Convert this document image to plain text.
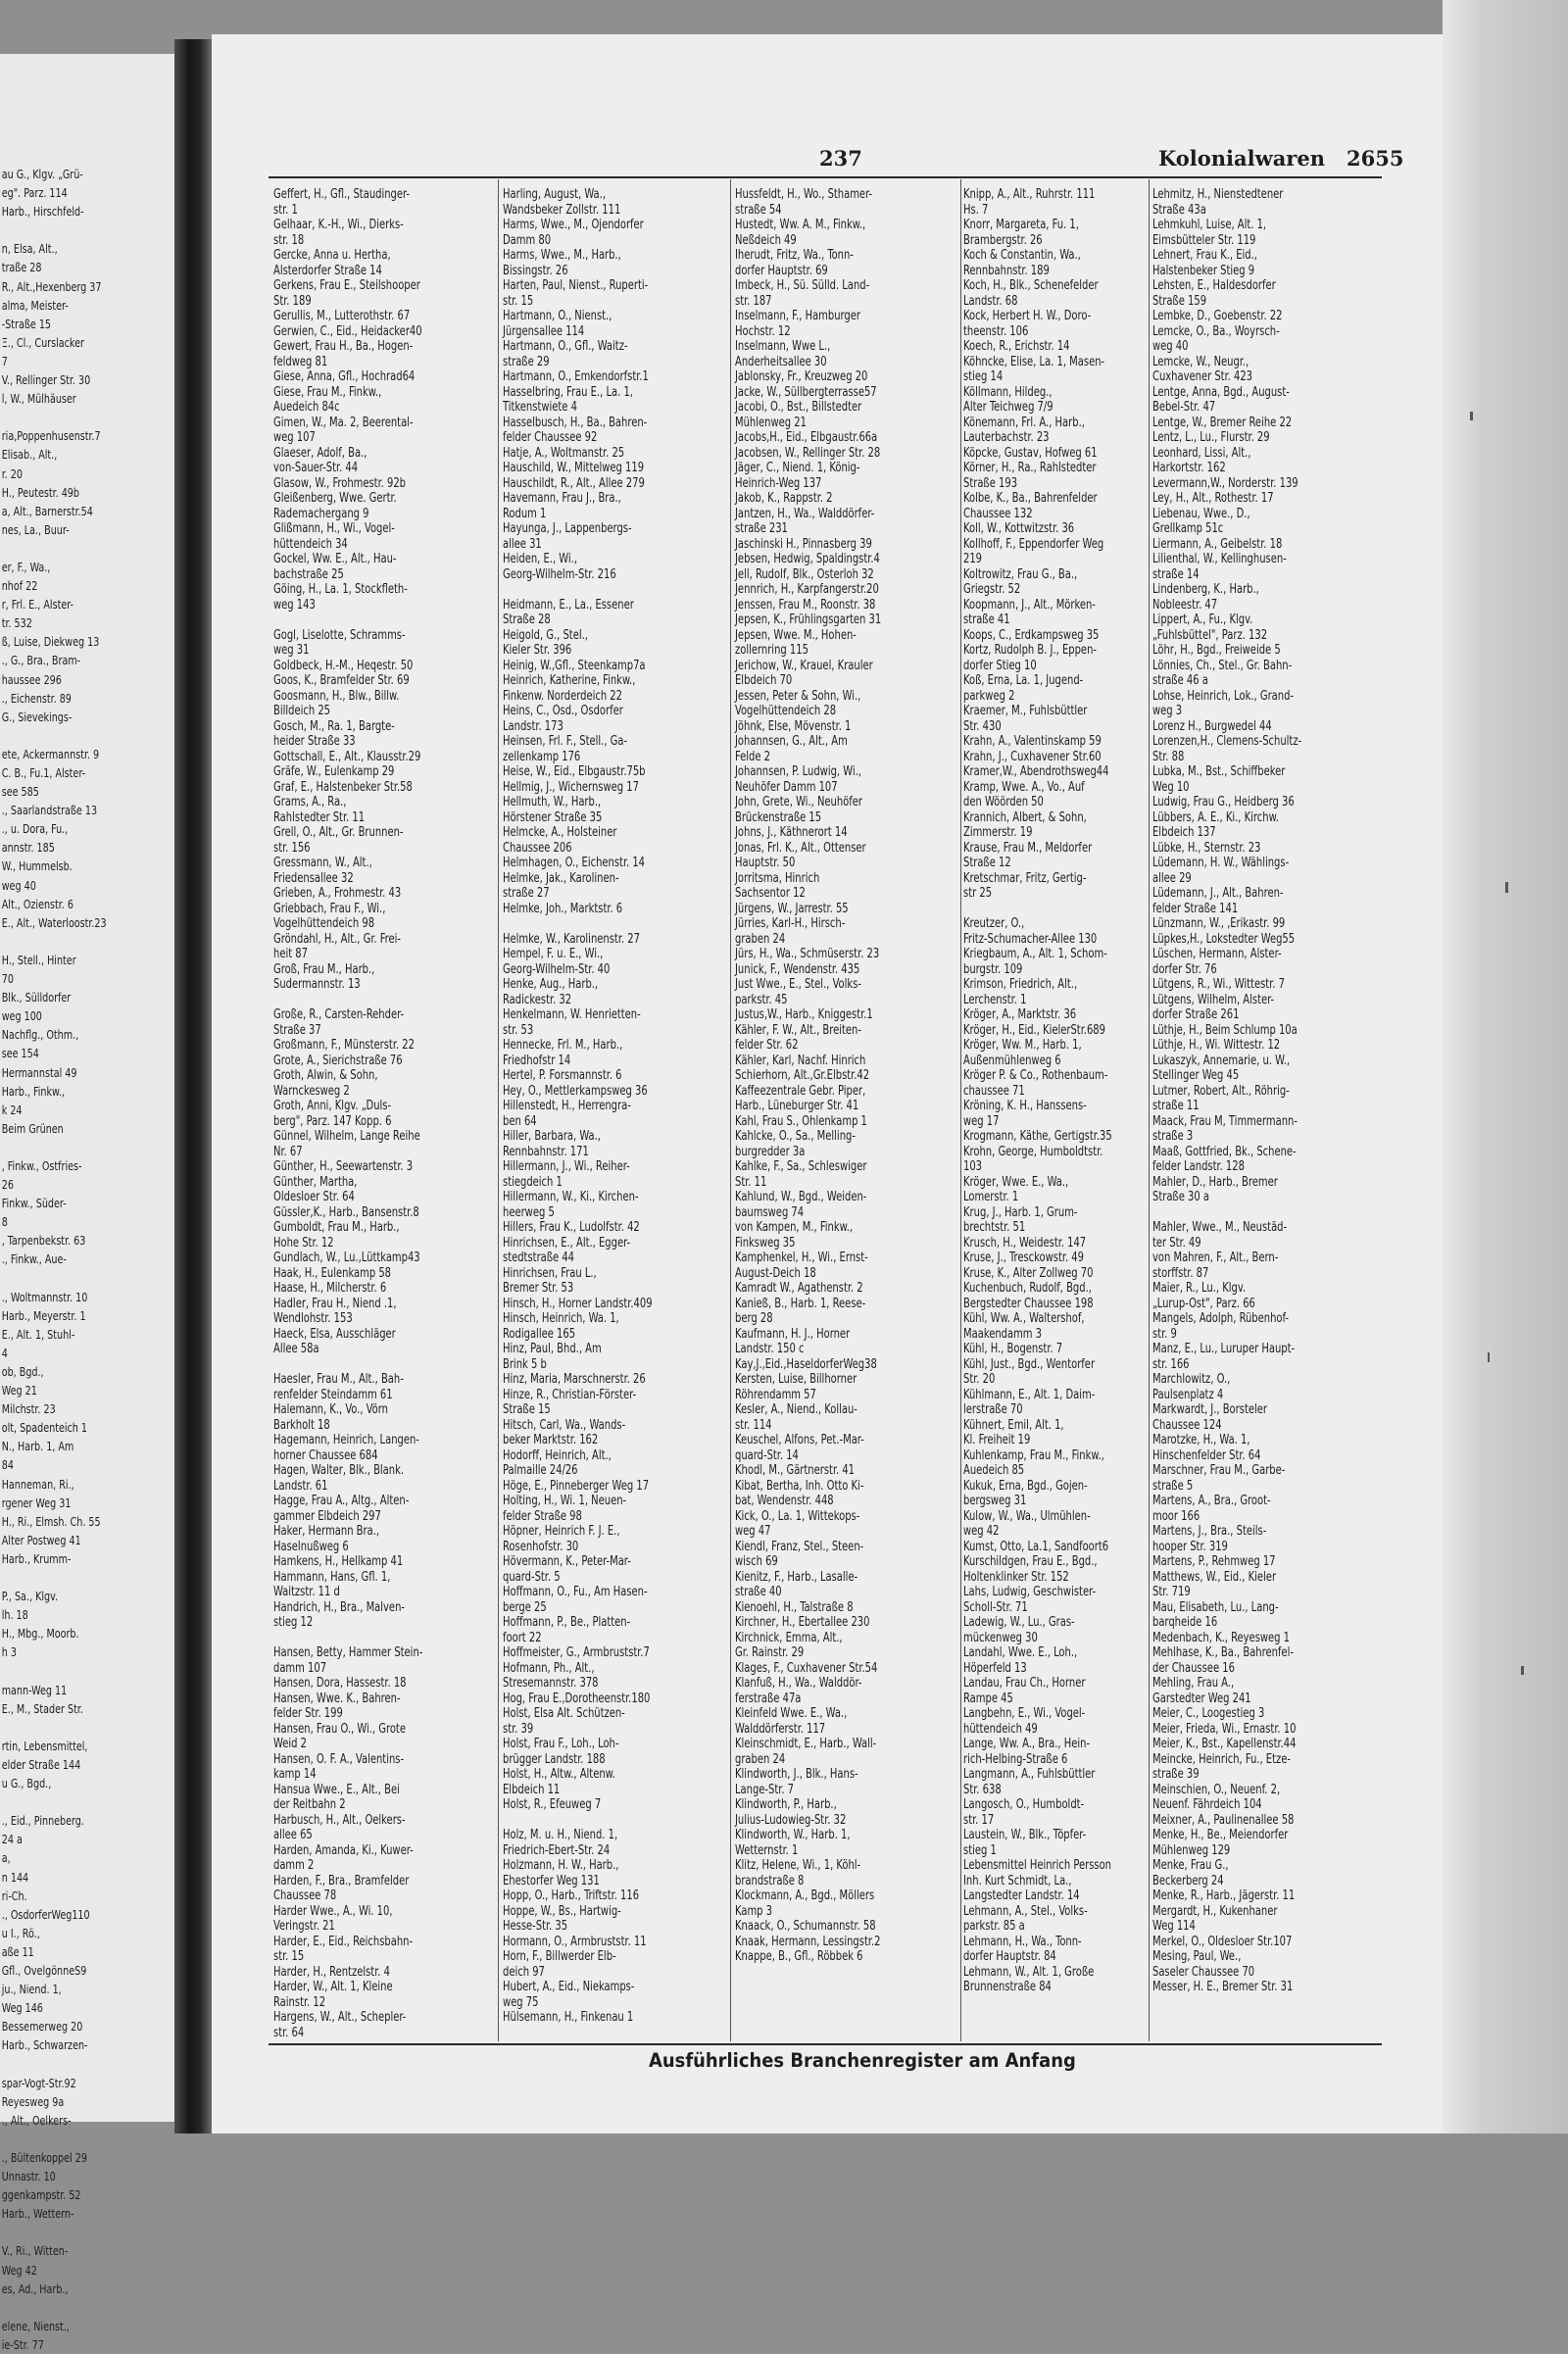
au G., Klgv. „Grü-
eg". Parz. 114
Harb., Hirschfeld-

n, Elsa, Alt.,
traße 28
R., Alt.,Hexenberg 37
alma, Meister-
-Straße 15
Ξ., Cl., Curslacker
7
V., Rellinger Str. 30
l, W., Mülhäuser

ria,Poppenhusenstr.7
Elisab., Alt.,
r. 20
H., Peutestr. 49b
a, Alt., Barnerstr.54
nes, La., Buur-

er, F., Wa.,
nhof 22
r, Frl. E., Alster-
tr. 532
ß, Luise, Diekweg 13
., G., Bra., Bram-
haussee 296
., Eichenstr. 89
G., Sievekings-

ete, Ackermannstr. 9
C. B., Fu.1, Alster-
see 585
., Saarlandstraße 13
., u. Dora, Fu.,
annstr. 185
W., Hummelsb.
weg 40
Alt., Ozienstr. 6
E., Alt., Waterloostr.23

H., Stell., Hinter
70
Blk., Sülldorfer
weg 100
Nachflg., Othm.,
see 154
Hermannstal 49
Harb., Finkw.,
k 24
Beim Grünen

, Finkw., Ostfries-
26
Finkw., Süder-
8
, Tarpenbekstr. 63
., Finkw., Aue-

., Woltmannstr. 10
Harb., Meyerstr. 1
E., Alt. 1, Stuhl-
4
ob, Bgd.,
Weg 21
Milchstr. 23
olt, Spadenteich 1
N., Harb. 1, Am
84
Hanneman, Ri.,
rgener Weg 31
H., Ri., Elmsh. Ch. 55
Alter Postweg 41
Harb., Krumm-

P., Sa., Klgv.
lh. 18
H., Mbg., Moorb.
h 3

mann-Weg 11
E., M., Stader Str.

rtin, Lebensmittel,
elder Straße 144
u G., Bgd.,

., Eid., Pinneberg.
24 a
a,
n 144
ri-Ch.
., OsdorferWeg110
u I., Rö.,
aße 11
Gfl., OvelgönneS9
ju., Niend. 1,
Weg 146
Bessemerweg 20
Harb., Schwarzen-

spar-Vogt-Str.92
Reyesweg 9a
., Alt., Oelkers-

., Bültenkoppel 29
Unnastr. 10
ggenkampstr. 52
Harb., Wettern-

V., Ri., Witten-
Weg 42
es, Ad., Harb.,

elene, Nienst.,
ie-Str. 77
237	Kolonialwaren 2655
Geffert, H., Gfl., Staudinger-
str. 1
Gelhaar, K.-H., Wi., Dierks-
str. 18
Gercke, Anna u. Hertha,
Alsterdorfer Straße 14
Gerkens, Frau E., Steilshooper
Str. 189
Gerullis, M., Lutterothstr. 67
Gerwien, C., Eid., Heidacker40
Gewert, Frau H., Ba., Hogen-
feldweg 81
Giese, Anna, Gfl., Hochrad64
Giese, Frau M., Finkw.,
Auedeich 84c
Gimen, W., Ma. 2, Beerental-
weg 107
Glaeser, Adolf, Ba.,
von-Sauer-Str. 44
Glasow, W., Frohmestr. 92b
Gleißenberg, Wwe. Gertr.
Rademachergang 9
Glißmann, H., Wi., Vogel-
hüttendeich 34
Gockel, Ww. E., Alt., Hau-
bachstraße 25
Göing, H., La. 1, Stockfleth-
weg 143

Gogl, Liselotte, Schramms-
weg 31
Goldbeck, H.-M., Heqestr. 50
Goos, K., Bramfelder Str. 69
Goosmann, H., Blw., Billw.
Billdeich 25
Gosch, M., Ra. 1, Bargte-
heider Straße 33
Gottschall, E., Alt., Klausstr.29
Gräfe, W., Eulenkamp 29
Graf, E., Halstenbeker Str.58
Grams, A., Ra.,
Rahlstedter Str. 11
Grell, O., Alt., Gr. Brunnen-
str. 156
Gressmann, W., Alt.,
Friedensallee 32
Grieben, A., Frohmestr. 43
Griebbach, Frau F., Wi.,
Vogelhüttendeich 98
Gröndahl, H., Alt., Gr. Frei-
heit 87
Groß, Frau M., Harb.,
Sudermannstr. 13

Große, R., Carsten-Rehder-
Straße 37
Großmann, F., Münsterstr. 22
Grote, A., Sierichstraße 76
Groth, Alwin, & Sohn,
Warnckesweg 2
Groth, Anni, Klgv. „Duls-
berg", Parz. 147 Kopp. 6
Günnel, Wilhelm, Lange Reihe
Nr. 67
Günther, H., Seewartenstr. 3
Günther, Martha,
Oldesloer Str. 64
Güssler,K., Harb., Bansenstr.8
Gumboldt, Frau M., Harb.,
Hohe Str. 12
Gundlach, W., Lu.,Lüttkamp43
Haak, H., Eulenkamp 58
Haase, H., Milcherstr. 6
Hadler, Frau H., Niend .1,
Wendlohstr. 153
Haeck, Elsa, Ausschläger
Allee 58a

Haesler, Frau M., Alt., Bah-
renfelder Steindamm 61
Halemann, K., Vo., Vörn
Barkholt 18
Hagemann, Heinrich, Langen-
horner Chaussee 684
Hagen, Walter, Blk., Blank.
Landstr. 61
Hagge, Frau A., Altg., Alten-
gammer Elbdeich 297
Haker, Hermann Bra.,
Haselnußweg 6
Hamkens, H., Hellkamp 41
Hammann, Hans, Gfl. 1,
Waitzstr. 11 d
Handrich, H., Bra., Malven-
stieg 12

Hansen, Betty, Hammer Stein-
damm 107
Hansen, Dora, Hassestr. 18
Hansen, Wwe. K., Bahren-
felder Str. 199
Hansen, Frau O., Wi., Grote
Weid 2
Hansen, O. F. A., Valentins-
kamp 14
Hansua Wwe., E., Alt., Bei
der Reitbahn 2
Harbusch, H., Alt., Oelkers-
allee 65
Harden, Amanda, Ki., Kuwer-
damm 2
Harden, F., Bra., Bramfelder
Chaussee 78
Harder Wwe., A., Wi. 10,
Veringstr. 21
Harder, E., Eid., Reichsbahn-
str. 15
Harder, H., Rentzelstr. 4
Harder, W., Alt. 1, Kleine
Rainstr. 12
Hargens, W., Alt., Schepler-
str. 64
Harling, August, Wa.,
Wandsbeker Zollstr. 111
Harms, Wwe., M., Ojendorfer
Damm 80
Harms, Wwe., M., Harb.,
Bissingstr. 26
Harten, Paul, Nienst., Ruperti-
str. 15
Hartmann, O., Nienst.,
Jürgensallee 114
Hartmann, O., Gfl., Waitz-
straße 29
Hartmann, O., Emkendorfstr.1
Hasselbring, Frau E., La. 1,
Titkenstwiete 4
Hasselbusch, H., Ba., Bahren-
felder Chaussee 92
Hatje, A., Woltmanstr. 25
Hauschild, W., Mittelweg 119
Hauschildt, R., Alt., Allee 279
Havemann, Frau J., Bra.,
Rodum 1
Hayunga, J., Lappenbergs-
allee 31
Heiden, E., Wi.,
Georg-Wilhelm-Str. 216

Heidmann, E., La., Essener
Straße 28
Heigold, G., Stel.,
Kieler Str. 396
Heinig, W.,Gfl., Steenkamp7a
Heinrich, Katherine, Finkw.,
Finkenw. Norderdeich 22
Heins, C., Osd., Osdorfer
Landstr. 173
Heinsen, Frl. F., Stell., Ga-
zellenkamp 176
Heise, W., Eid., Elbgaustr.75b
Hellmig, J., Wichernsweg 17
Hellmuth, W., Harb.,
Hörstener Straße 35
Helmcke, A., Holsteiner
Chaussee 206
Helmhagen, O., Eichenstr. 14
Helmke, Jak., Karolinen-
straße 27
Helmke, Joh., Marktstr. 6

Helmke, W., Karolinenstr. 27
Hempel, F. u. E., Wi.,
Georg-Wilhelm-Str. 40
Henke, Aug., Harb.,
Radickestr. 32
Henkelmann, W. Henrietten-
str. 53
Hennecke, Frl. M., Harb.,
Friedhofstr 14
Hertel, P. Forsmannstr. 6
Hey, O., Mettlerkampsweg 36
Hillenstedt, H., Herrengra-
ben 64
Hiller, Barbara, Wa.,
Rennbahnstr. 171
Hillermann, J., Wi., Reiher-
stiegdeich 1
Hillermann, W., Ki., Kirchen-
heerweg 5
Hillers, Frau K., Ludolfstr. 42
Hinrichsen, E., Alt., Egger-
stedtstraße 44
Hinrichsen, Frau L.,
Bremer Str. 53
Hinsch, H., Horner Landstr.409
Hinsch, Heinrich, Wa. 1,
Rodigallee 165
Hinz, Paul, Bhd., Am
Brink 5 b
Hinz, Maria, Marschnerstr. 26
Hinze, R., Christian-Förster-
Straße 15
Hitsch, Carl, Wa., Wands-
beker Marktstr. 162
Hodorff, Heinrich, Alt.,
Palmaille 24/26
Höge, E., Pinneberger Weg 17
Holting, H., Wi. 1, Neuen-
felder Straße 98
Höpner, Heinrich F. J. E.,
Rosenhofstr. 30
Hövermann, K., Peter-Mar-
quard-Str. 5
Hoffmann, O., Fu., Am Hasen-
berge 25
Hoffmann, P., Be., Platten-
foort 22
Hoffmeister, G., Armbruststr.7
Hofmann, Ph., Alt.,
Stresemannstr. 378
Hog, Frau E.,Dorotheenstr.180
Holst, Elsa Alt. Schützen-
str. 39
Holst, Frau F., Loh., Loh-
brügger Landstr. 188
Holst, H., Altw., Altenw.
Elbdeich 11
Holst, R., Efeuweg 7

Holz, M. u. H., Niend. 1,
Friedrich-Ebert-Str. 24
Holzmann, H. W., Harb.,
Ehestorfer Weg 131
Hopp, O., Harb., Triftstr. 116
Hoppe, W., Bs., Hartwig-
Hesse-Str. 35
Hormann, O., Armbruststr. 11
Horn, F., Billwerder Elb-
deich 97
Hubert, A., Eid., Niekamps-
weg 75
Hülsemann, H., Finkenau 1
Hussfeldt, H., Wo., Sthamer-
straße 54
Hustedt, Ww. A. M., Finkw.,
Neßdeich 49
Iherudt, Fritz, Wa., Tonn-
dorfer Hauptstr. 69
Imbeck, H., Sü. Sülld. Land-
str. 187
Inselmann, F., Hamburger
Hochstr. 12
Inselmann, Wwe L.,
Anderheitsallee 30
Jablonsky, Fr., Kreuzweg 20
Jacke, W., Süllbergterrasse57
Jacobi, O., Bst., Billstedter
Mühlenweg 21
Jacobs,H., Eid., Elbgaustr.66a
Jacobsen, W., Rellinger Str. 28
Jäger, C., Niend. 1, König-
Heinrich-Weg 137
Jakob, K., Rappstr. 2
Jantzen, H., Wa., Walddörfer-
straße 231
Jaschinski H., Pinnasberg 39
Jebsen, Hedwig, Spaldingstr.4
Jell, Rudolf, Blk., Osterloh 32
Jennrich, H., Karpfangerstr.20
Jenssen, Frau M., Roonstr. 38
Jepsen, K., Frühlingsgarten 31
Jepsen, Wwe. M., Hohen-
zollernring 115
Jerichow, W., Krauel, Krauler
Elbdeich 70
Jessen, Peter & Sohn, Wi.,
Vogelhüttendeich 28
Jöhnk, Else, Mövenstr. 1
Johannsen, G., Alt., Am
Felde 2
Johannsen, P. Ludwig, Wi.,
Neuhöfer Damm 107
John, Grete, Wi., Neuhöfer
Brückenstraße 15
Johns, J., Käthnerort 14
Jonas, Frl. K., Alt., Ottenser
Hauptstr. 50
Jorritsma, Hinrich
Sachsentor 12
Jürgens, W., Jarrestr. 55
Jürries, Karl-H., Hirsch-
graben 24
Jürs, H., Wa., Schmüserstr. 23
Junick, F., Wendenstr. 435
Just Wwe., E., Stel., Volks-
parkstr. 45
Justus,W., Harb., Kniggestr.1
Kähler, F. W., Alt., Breiten-
felder Str. 62
Kähler, Karl, Nachf. Hinrich
Schierhorn, Alt.,Gr.Elbstr.42
Kaffeezentrale Gebr. Piper,
Harb., Lüneburger Str. 41
Kahl, Frau S., Ohlenkamp 1
Kahlcke, O., Sa., Melling-
burgredder 3a
Kahlke, F., Sa., Schleswiger
Str. 11
Kahlund, W., Bgd., Weiden-
baumsweg 74
von Kampen, M., Finkw.,
Finksweg 35
Kamphenkel, H., Wi., Ernst-
August-Deich 18
Kamradt W., Agathenstr. 2
Kanieß, B., Harb. 1, Reese-
berg 28
Kaufmann, H. J., Horner
Landstr. 150 c
Kay,J.,Eid.,HaseldorferWeg38
Kersten, Luise, Billhorner
Röhrendamm 57
Kesler, A., Niend., Kollau-
str. 114
Keuschel, Alfons, Pet.-Mar-
quard-Str. 14
Khodl, M., Gärtnerstr. 41
Kibat, Bertha, Inh. Otto Ki-
bat, Wendenstr. 448
Kick, O., La. 1, Wittekops-
weg 47
Kiendl, Franz, Stel., Steen-
wisch 69
Kienitz, F., Harb., Lasalle-
straße 40
Kienoehl, H., Talstraße 8
Kirchner, H., Ebertallee 230
Kirchnick, Emma, Alt.,
Gr. Rainstr. 29
Klages, F., Cuxhavener Str.54
Klanfuß, H., Wa., Walddör-
ferstraße 47a
Kleinfeld Wwe. E., Wa.,
Walddörferstr. 117
Kleinschmidt, E., Harb., Wall-
graben 24
Klindworth, J., Blk., Hans-
Lange-Str. 7
Klindworth, P., Harb.,
Julius-Ludowieg-Str. 32
Klindworth, W., Harb. 1,
Wetternstr. 1
Klitz, Helene, Wi., 1, Köhl-
brandstraße 8
Klockmann, A., Bgd., Möllers
Kamp 3
Knaack, O., Schumannstr. 58
Knaak, Hermann, Lessingstr.2
Knappe, B., Gfl., Röbbek 6
Knipp, A., Alt., Ruhrstr. 111
Hs. 7
Knorr, Margareta, Fu. 1,
Brambergstr. 26
Koch & Constantin, Wa.,
Rennbahnstr. 189
Koch, H., Blk., Schenefelder
Landstr. 68
Kock, Herbert H. W., Doro-
theenstr. 106
Koech, R., Erichstr. 14
Köhncke, Elise, La. 1, Masen-
stieg 14
Köllmann, Hildeg.,
Alter Teichweg 7/9
Könemann, Frl. A., Harb.,
Lauterbachstr. 23
Köpcke, Gustav, Hofweg 61
Körner, H., Ra., Rahlstedter
Straße 193
Kolbe, K., Ba., Bahrenfelder
Chaussee 132
Koll, W., Kottwitzstr. 36
Kollhoff, F., Eppendorfer Weg
219
Koltrowitz, Frau G., Ba.,
Griegstr. 52
Koopmann, J., Alt., Mörken-
straße 41
Koops, C., Erdkampsweg 35
Kortz, Rudolph B. J., Eppen-
dorfer Stieg 10
Koß, Erna, La. 1, Jugend-
parkweg 2
Kraemer, M., Fuhlsbüttler
Str. 430
Krahn, A., Valentinskamp 59
Krahn, J., Cuxhavener Str.60
Kramer,W., Abendrothsweg44
Kramp, Wwe. A., Vo., Auf
den Wöörden 50
Krannich, Albert, & Sohn,
Zimmerstr. 19
Krause, Frau M., Meldorfer
Straße 12
Kretschmar, Fritz, Gertig-
str 25

Kreutzer, O.,
Fritz-Schumacher-Allee 130
Kriegbaum, A., Alt. 1, Schom-
burgstr. 109
Krimson, Friedrich, Alt.,
Lerchenstr. 1
Kröger, A., Marktstr. 36
Kröger, H., Eid., KielerStr.689
Kröger, Ww. M., Harb. 1,
Außenmühlenweg 6
Kröger P. & Co., Rothenbaum-
chaussee 71
Kröning, K. H., Hanssens-
weg 17
Krogmann, Käthe, Gertigstr.35
Krohn, George, Humboldtstr.
103
Kröger, Wwe. E., Wa.,
Lomerstr. 1
Krug, J., Harb. 1, Grum-
brechtstr. 51
Krusch, H., Weidestr. 147
Kruse, J., Tresckowstr. 49
Kruse, K., Alter Zollweg 70
Kuchenbuch, Rudolf, Bgd.,
Bergstedter Chaussee 198
Kühl, Ww. A., Waltershof,
Maakendamm 3
Kühl, H., Bogenstr. 7
Kühl, Just., Bgd., Wentorfer
Str. 20
Kühlmann, E., Alt. 1, Daim-
lerstraße 70
Kühnert, Emil, Alt. 1,
Kl. Freiheit 19
Kuhlenkamp, Frau M., Finkw.,
Auedeich 85
Kukuk, Erna, Bgd., Gojen-
bergsweg 31
Kulow, W., Wa., Ulmühlen-
weg 42
Kumst, Otto, La.1, Sandfoort6
Kurschildgen, Frau E., Bgd.,
Holtenklinker Str. 152
Lahs, Ludwig, Geschwister-
Scholl-Str. 71
Ladewig, W., Lu., Gras-
mückenweg 30
Landahl, Wwe. E., Loh.,
Höperfeld 13
Landau, Frau Ch., Horner
Rampe 45
Langbehn, E., Wi., Vogel-
hüttendeich 49
Lange, Ww. A., Bra., Hein-
rich-Helbing-Straße 6
Langmann, A., Fuhlsbüttler
Str. 638
Langosch, O., Humboldt-
str. 17
Laustein, W., Blk., Töpfer-
stieg 1
Lebensmittel Heinrich Persson
Inh. Kurt Schmidt, La.,
Langstedter Landstr. 14
Lehmann, A., Stel., Volks-
parkstr. 85 a
Lehmann, H., Wa., Tonn-
dorfer Hauptstr. 84
Lehmann, W., Alt. 1, Große
Brunnenstraße 84
Lehmitz, H., Nienstedtener
Straße 43a
Lehmkuhl, Luise, Alt. 1,
Eimsbütteler Str. 119
Lehnert, Frau K., Eid.,
Halstenbeker Stieg 9
Lehsten, E., Haldesdorfer
Straße 159
Lembke, D., Goebenstr. 22
Lemcke, O., Ba., Woyrsch-
weg 40
Lemcke, W., Neugr.,
Cuxhavener Str. 423
Lentge, Anna, Bgd., August-
Bebel-Str. 47
Lentge, W., Bremer Reihe 22
Lentz, L., Lu., Flurstr. 29
Leonhard, Lissi, Alt.,
Harkortstr. 162
Levermann,W., Norderstr. 139
Ley, H., Alt., Rothestr. 17
Liebenau, Wwe., D.,
Grellkamp 51c
Liermann, A., Geibelstr. 18
Lilienthal, W., Kellinghusen-
straße 14
Lindenberg, K., Harb.,
Nobleestr. 47
Lippert, A., Fu., Klgv.
„Fuhlsbüttel", Parz. 132
Löhr, H., Bgd., Freiweide 5
Lönnies, Ch., Stel., Gr. Bahn-
straße 46 a
Lohse, Heinrich, Lok., Grand-
weg 3
Lorenz H., Burgwedel 44
Lorenzen,H., Clemens-Schultz-
Str. 88
Lubka, M., Bst., Schiffbeker
Weg 10
Ludwig, Frau G., Heidberg 36
Lübbers, A. E., Ki., Kirchw.
Elbdeich 137
Lübke, H., Sternstr. 23
Lüdemann, H. W., Wählings-
allee 29
Lüdemann, J., Alt., Bahren-
felder Straße 141
Lünzmann, W., ,Erikastr. 99
Lüpkes,H., Lokstedter Weg55
Lüschen, Hermann, Alster-
dorfer Str. 76
Lütgens, R., Wi., Wittestr. 7
Lütgens, Wilhelm, Alster-
dorfer Straße 261
Lüthje, H., Beim Schlump 10a
Lüthje, H., Wi. Wittestr. 12
Lukaszyk, Annemarie, u. W.,
Stellinger Weg 45
Lutmer, Robert, Alt., Röhrig-
straße 11
Maack, Frau M, Timmermann-
straße 3
Maaß, Gottfried, Bk., Schene-
felder Landstr. 128
Mahler, D., Harb., Bremer
Straße 30 a

Mahler, Wwe., M., Neustäd-
ter Str. 49
von Mahren, F., Alt., Bern-
storffstr. 87
Maier, R., Lu., Klgv.
„Lurup-Ost", Parz. 66
Mangels, Adolph, Rübenhof-
str. 9
Manz, E., Lu., Luruper Haupt-
str. 166
Marchlowitz, O.,
Paulsenplatz 4
Markwardt, J., Borsteler
Chaussee 124
Marotzke, H., Wa. 1,
Hinschenfelder Str. 64
Marschner, Frau M., Garbe-
straße 5
Martens, A., Bra., Groot-
moor 166
Martens, J., Bra., Steils-
hooper Str. 319
Martens, P., Rehmweg 17
Matthews, W., Eid., Kieler
Str. 719
Mau, Elisabeth, Lu., Lang-
barqheide 16
Medenbach, K., Reyesweg 1
Mehlhase, K., Ba., Bahrenfel-
der Chaussee 16
Mehling, Frau A.,
Garstedter Weg 241
Meier, C., Loogestieg 3
Meier, Frieda, Wi., Ernastr. 10
Meier, K., Bst., Kapellenstr.44
Meincke, Heinrich, Fu., Etze-
straße 39
Meinschien, O., Neuenf. 2,
Neuenf. Fährdeich 104
Meixner, A., Paulinenallee 58
Menke, H., Be., Meiendorfer
Mühlenweg 129
Menke, Frau G.,
Beckerberg 24
Menke, R., Harb., Jägerstr. 11
Mergardt, H., Kukenhaner
Weg 114
Merkel, O., Oldesloer Str.107
Mesing, Paul, We.,
Saseler Chaussee 70
Messer, H. E., Bremer Str. 31
Ausführliches Branchenregister am Anfang
